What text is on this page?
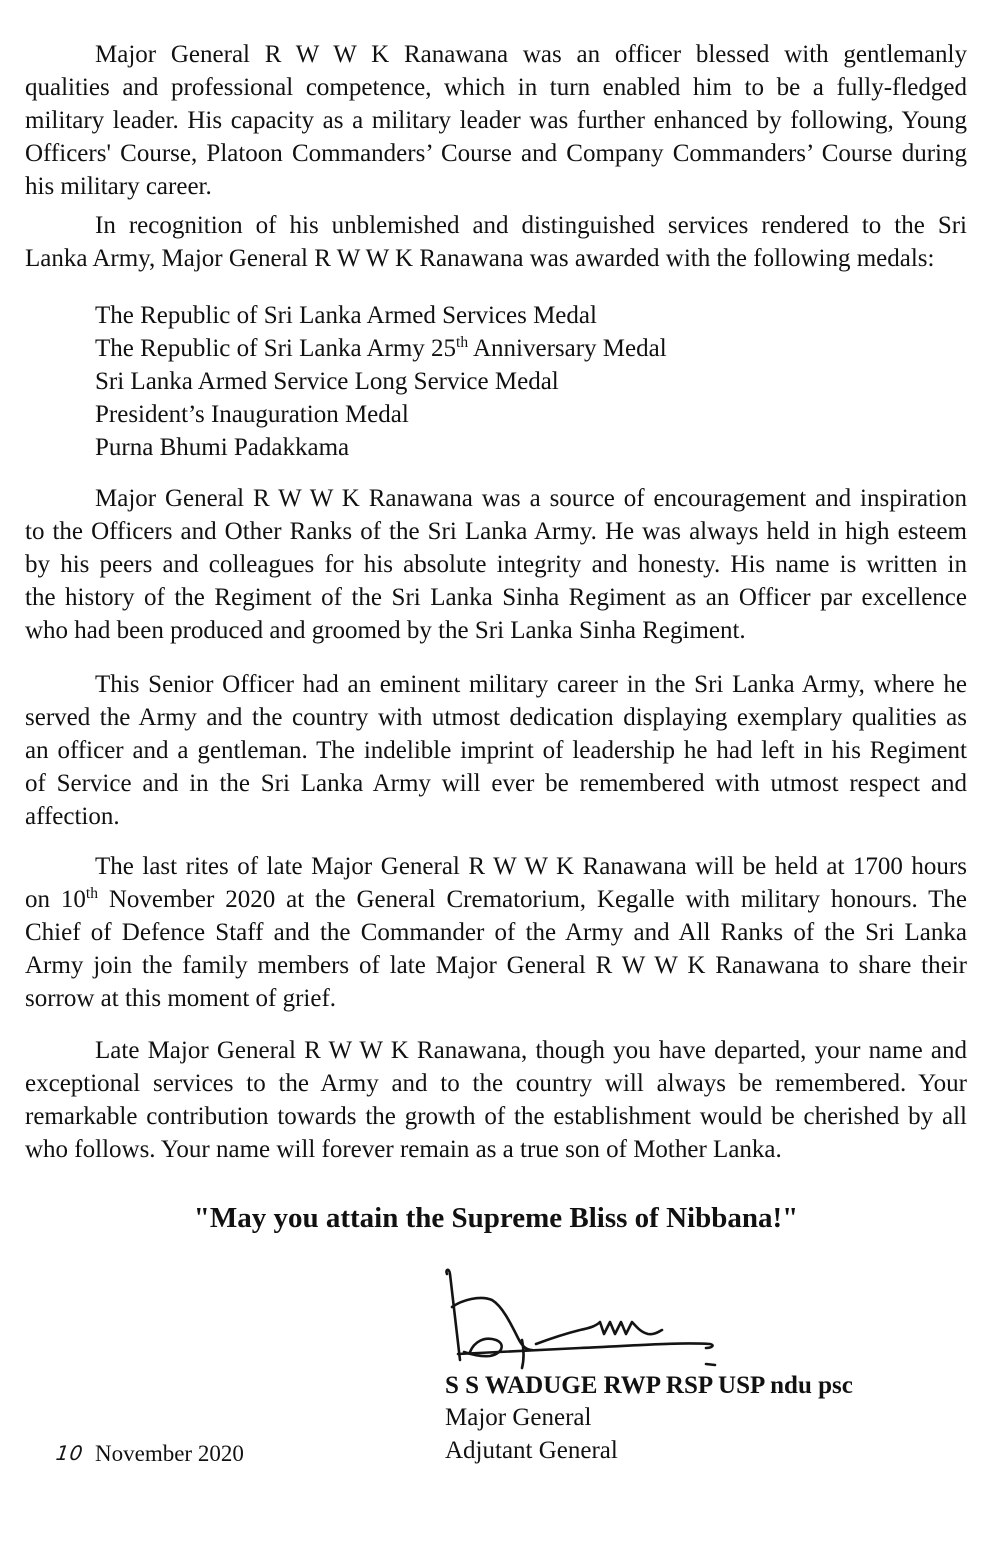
Major General R W W K Ranawana was an officer blessed with gentlemanly
qualities and professional competence, which in turn enabled him to be a fully-fledged
military leader. His capacity as a military leader was further enhanced by following, Young
Officers' Course, Platoon Commanders’ Course and Company Commanders’ Course during
his military career.
In recognition of his unblemished and distinguished services rendered to the Sri
Lanka Army, Major General R W W K Ranawana was awarded with the following medals:
The Republic of Sri Lanka Armed Services Medal
The Republic of Sri Lanka Army 25th Anniversary Medal
Sri Lanka Armed Service Long Service Medal
President’s Inauguration Medal
Purna Bhumi Padakkama
Major General R W W K Ranawana was a source of encouragement and inspiration
to the Officers and Other Ranks of the Sri Lanka Army. He was always held in high esteem
by his peers and colleagues for his absolute integrity and honesty. His name is written in
the history of the Regiment of the Sri Lanka Sinha Regiment as an Officer par excellence
who had been produced and groomed by the Sri Lanka Sinha Regiment.
This Senior Officer had an eminent military career in the Sri Lanka Army, where he
served the Army and the country with utmost dedication displaying exemplary qualities as
an officer and a gentleman. The indelible imprint of leadership he had left in his Regiment
of Service and in the Sri Lanka Army will ever be remembered with utmost respect and
affection.
The last rites of late Major General R W W K Ranawana will be held at 1700 hours
on 10th November 2020 at the General Crematorium, Kegalle with military honours. The
Chief of Defence Staff and the Commander of the Army and All Ranks of the Sri Lanka
Army join the family members of late Major General R W W K Ranawana to share their
sorrow at this moment of grief.
Late Major General R W W K Ranawana, though you have departed, your name and
exceptional services to the Army and to the country will always be remembered. Your
remarkable contribution towards the growth of the establishment would be cherished by all
who follows. Your name will forever remain as a true son of Mother Lanka.
"May you attain the Supreme Bliss of Nibbana!"
S S WADUGE RWP RSP USP ndu psc
Major General
Adjutant General
10 November 2020
